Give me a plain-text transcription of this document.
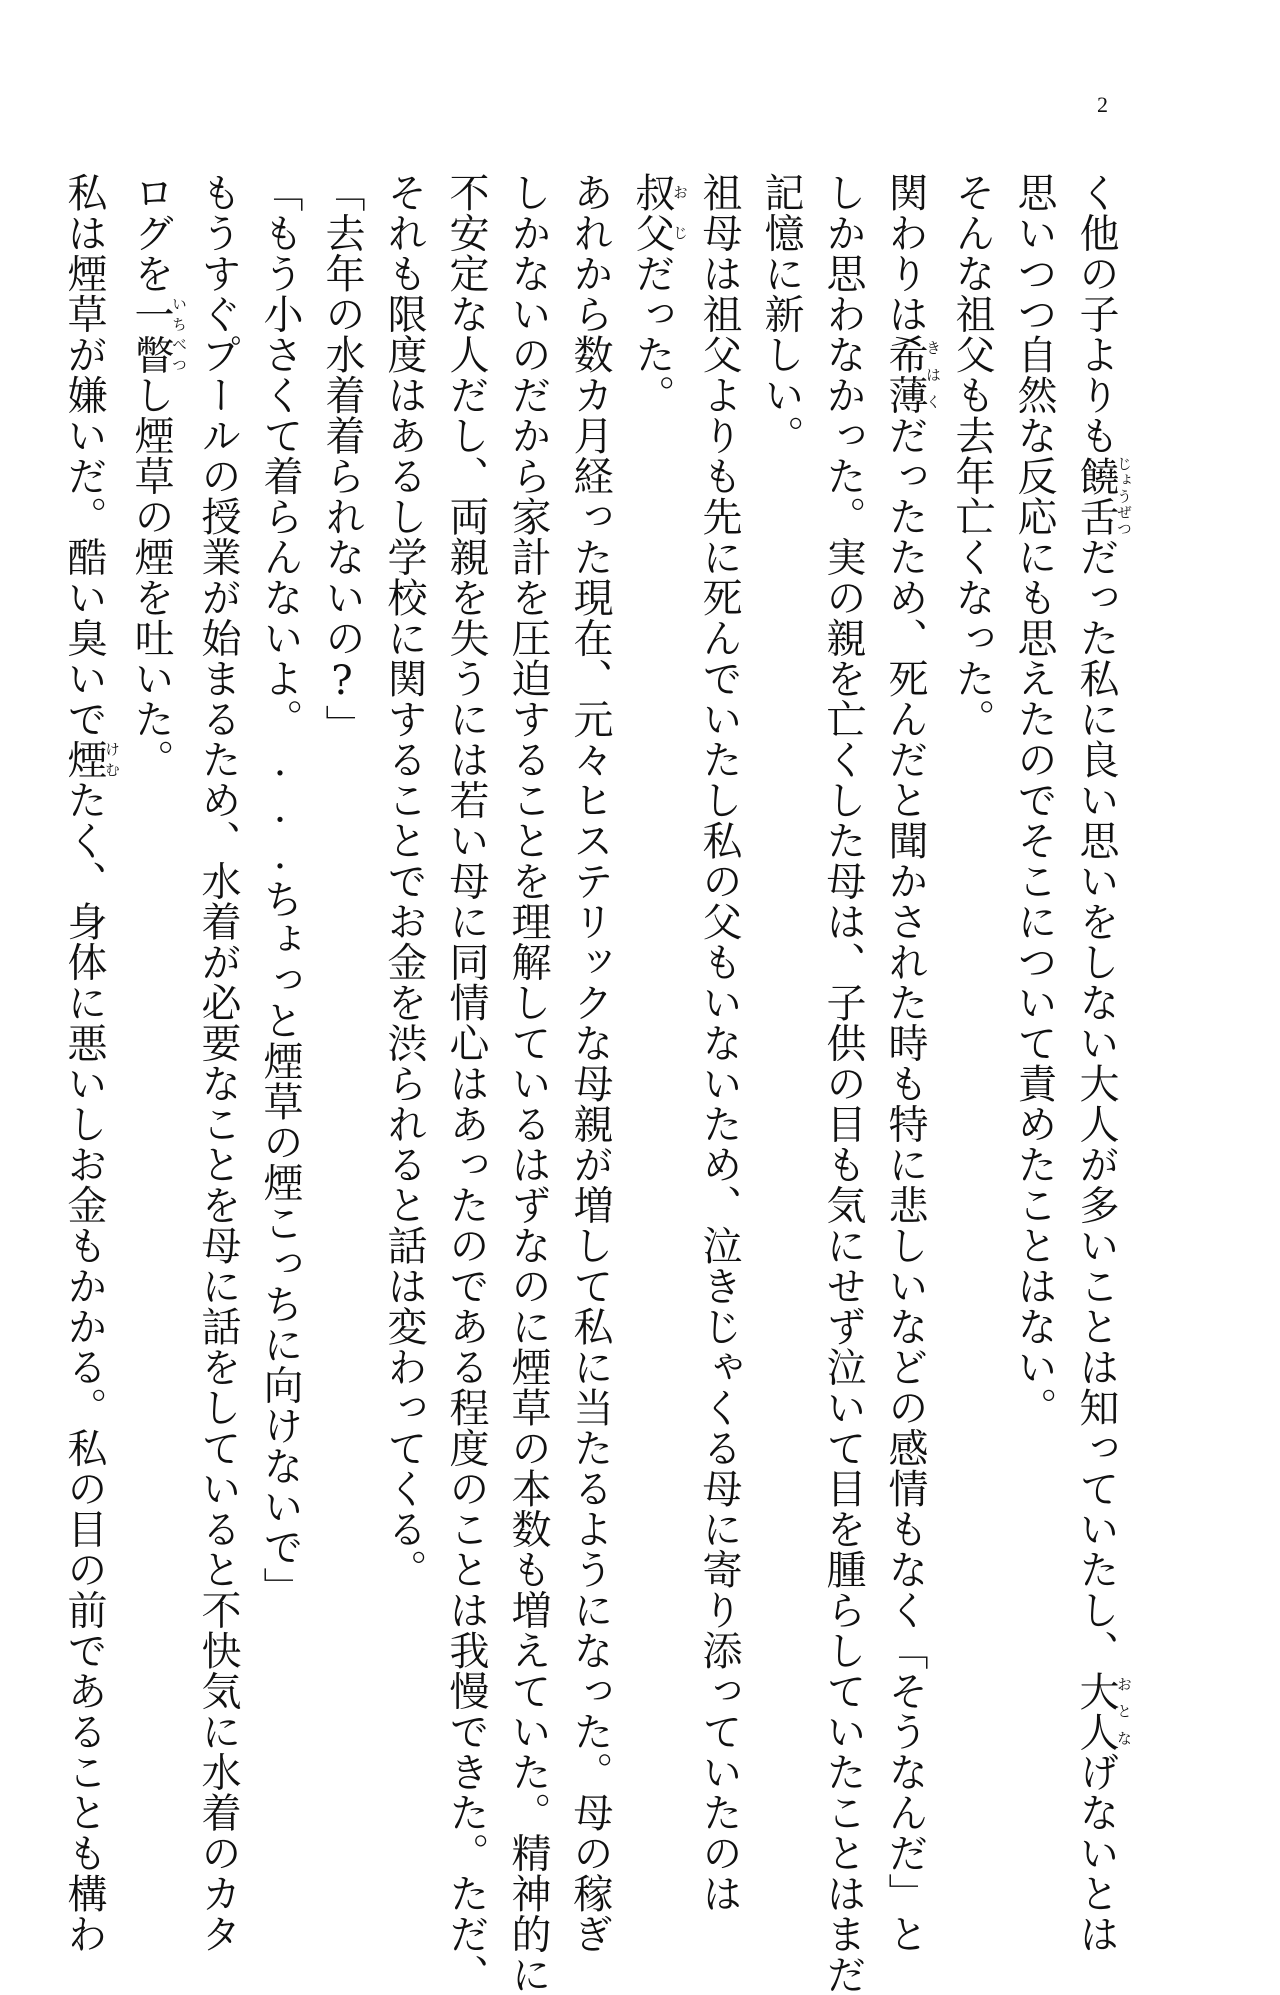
2
く他の子よりも饒舌じょうぜつだった私に良い思いをしない大人が多いことは知っていたし、大人おとなげないとは
思いつつ自然な反応にも思えたのでそこについて責めたことはない。
そんな祖父も去年亡くなった。
関わりは希薄きはくだったため、死んだと聞かされた時も特に悲しいなどの感情もなく「そうなんだ」と
しか思わなかった。実の親を亡くした母は、子供の目も気にせず泣いて目を腫らしていたことはまだ
記憶に新しい。
祖母は祖父よりも先に死んでいたし私の父もいないため、泣きじゃくる母に寄り添っていたのは
叔父おじだった。
あれから数カ月経った現在、元々ヒステリックな母親が増して私に当たるようになった。母の稼ぎ
しかないのだから家計を圧迫することを理解しているはずなのに煙草の本数も増えていた。精神的に
不安定な人だし、両親を失うには若い母に同情心はあったのである程度のことは我慢できた。ただ、
それも限度はあるし学校に関することでお金を渋られると話は変わってくる。
「去年の水着着られないの?」
「もう小さくて着らんないよ。...ちょっと煙草の煙こっちに向けないで」
もうすぐプールの授業が始まるため、水着が必要なことを母に話をしていると不快気に水着のカタ
ログを一瞥いちべつし煙草の煙を吐いた。
私は煙草が嫌いだ。酷い臭いで煙けむたく、身体に悪いしお金もかかる。私の目の前であることも構わ
